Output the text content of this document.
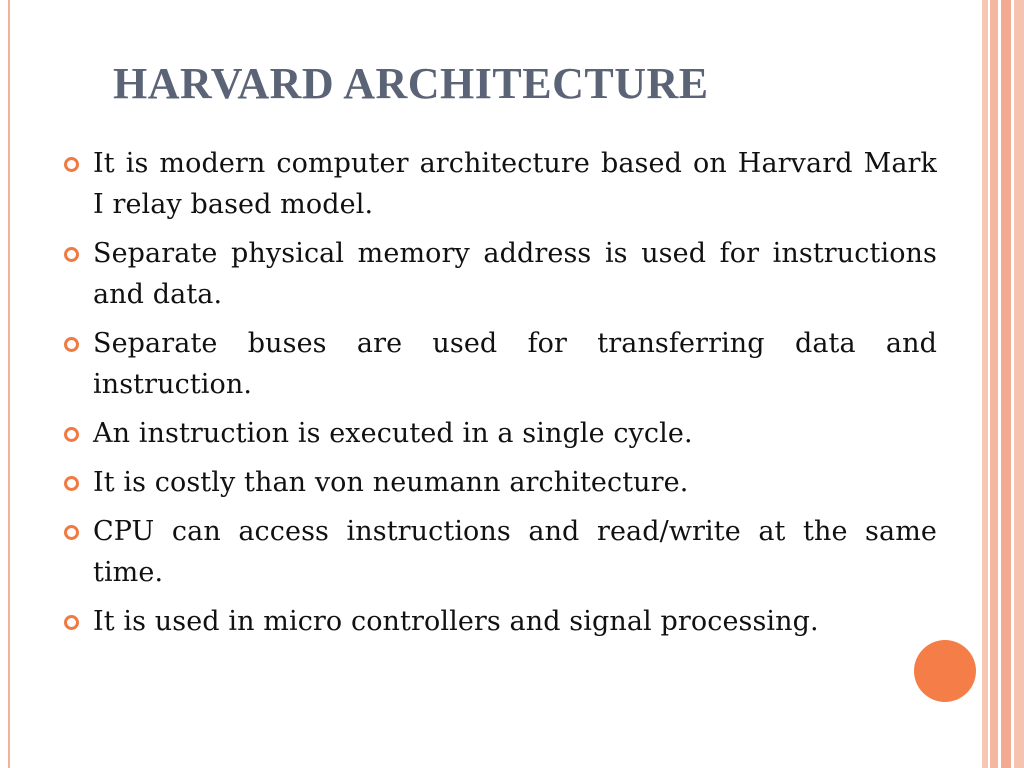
HARVARD ARCHITECTURE
It is modern computer architecture based on Harvard Mark I relay based model.
Separate physical memory address is used for instructions and data.
Separate buses are used for transferring data and instruction.
An instruction is executed in a single cycle.
It is costly than von neumann architecture.
CPU can access instructions and read/write at the same time.
It is used in micro controllers and signal processing.
